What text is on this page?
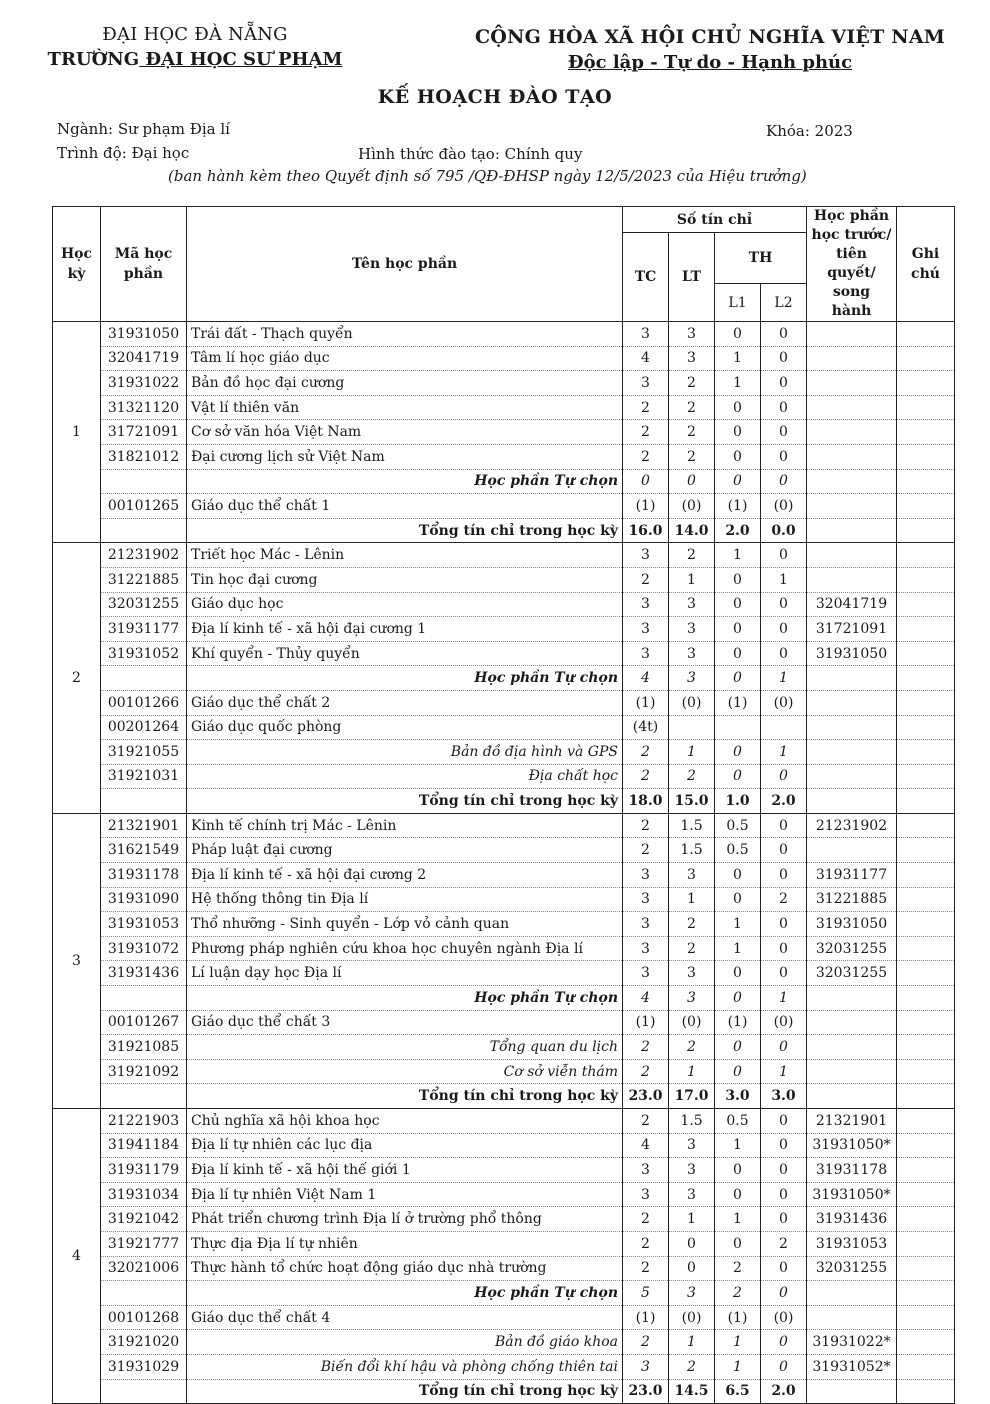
ĐẠI HỌC ĐÀ NẴNG
TRƯỜNG ĐẠI HỌC SƯ PHẠM
CỘNG HÒA XÃ HỘI CHỦ NGHĨA VIỆT NAM
Độc lập - Tự do - Hạnh phúc
KẾ HOẠCH ĐÀO TẠO
Ngành: Sư phạm Địa lí	Khóa: 2023
Trình độ: Đại học	Hình thức đào tạo: Chính quy
(ban hành kèm theo Quyết định số 795 /QĐ-ĐHSP ngày 12/5/2023 của Hiệu trưởng)
Học kỳ	Mã học phần	Tên học phần	Số tín chỉ				Học phần học trước/ tiên quyết/ song hành	Ghi chú
			TC	LT	TH			
					L1	L2		
1	31931050	Trái đất - Thạch quyển	3	3	0	0		
	32041719	Tâm lí học giáo dục	4	3	1	0		
	31931022	Bản đồ học đại cương	3	2	1	0		
	31321120	Vật lí thiên văn	2	2	0	0		
	31721091	Cơ sở văn hóa Việt Nam	2	2	0	0		
	31821012	Đại cương lịch sử Việt Nam	2	2	0	0		
		Học phần Tự chọn	0	0	0	0		
	00101265	Giáo dục thể chất 1	(1)	(0)	(1)	(0)		
		Tổng tín chỉ trong học kỳ	16.0	14.0	2.0	0.0		
2	21231902	Triết học Mác - Lênin	3	2	1	0		
	31221885	Tin học đại cương	2	1	0	1		
	32031255	Giáo dục học	3	3	0	0	32041719	
	31931177	Địa lí kinh tế - xã hội đại cương 1	3	3	0	0	31721091	
	31931052	Khí quyển - Thủy quyển	3	3	0	0	31931050	
		Học phần Tự chọn	4	3	0	1		
	00101266	Giáo dục thể chất 2	(1)	(0)	(1)	(0)		
	00201264	Giáo dục quốc phòng	(4t)					
	31921055	Bản đồ địa hình và GPS	2	1	0	1		
	31921031	Địa chất học	2	2	0	0		
		Tổng tín chỉ trong học kỳ	18.0	15.0	1.0	2.0		
3	21321901	Kinh tế chính trị Mác - Lênin	2	1.5	0.5	0	21231902	
	31621549	Pháp luật đại cương	2	1.5	0.5	0		
	31931178	Địa lí kinh tế - xã hội đại cương 2	3	3	0	0	31931177	
	31931090	Hệ thống thông tin Địa lí	3	1	0	2	31221885	
	31931053	Thổ nhưỡng - Sinh quyển - Lớp vỏ cảnh quan	3	2	1	0	31931050	
	31931072	Phương pháp nghiên cứu khoa học chuyên ngành Địa lí	3	2	1	0	32031255	
	31931436	Lí luận dạy học Địa lí	3	3	0	0	32031255	
		Học phần Tự chọn	4	3	0	1		
	00101267	Giáo dục thể chất 3	(1)	(0)	(1)	(0)		
	31921085	Tổng quan du lịch	2	2	0	0		
	31921092	Cơ sở viễn thám	2	1	0	1		
		Tổng tín chỉ trong học kỳ	23.0	17.0	3.0	3.0		
4	21221903	Chủ nghĩa xã hội khoa học	2	1.5	0.5	0	21321901	
	31941184	Địa lí tự nhiên các lục địa	4	3	1	0	31931050*	
	31931179	Địa lí kinh tế - xã hội thế giới 1	3	3	0	0	31931178	
	31931034	Địa lí tự nhiên Việt Nam 1	3	3	0	0	31931050*	
	31921042	Phát triển chương trình Địa lí ở trường phổ thông	2	1	1	0	31931436	
	31921777	Thực địa Địa lí tự nhiên	2	0	0	2	31931053	
	32021006	Thực hành tổ chức hoạt động giáo dục nhà trường	2	0	2	0	32031255	
		Học phần Tự chọn	5	3	2	0		
	00101268	Giáo dục thể chất 4	(1)	(0)	(1)	(0)		
	31921020	Bản đồ giáo khoa	2	1	1	0	31931022*	
	31931029	Biến đổi khí hậu và phòng chống thiên tai	3	2	1	0	31931052*	
		Tổng tín chỉ trong học kỳ	23.0	14.5	6.5	2.0		
